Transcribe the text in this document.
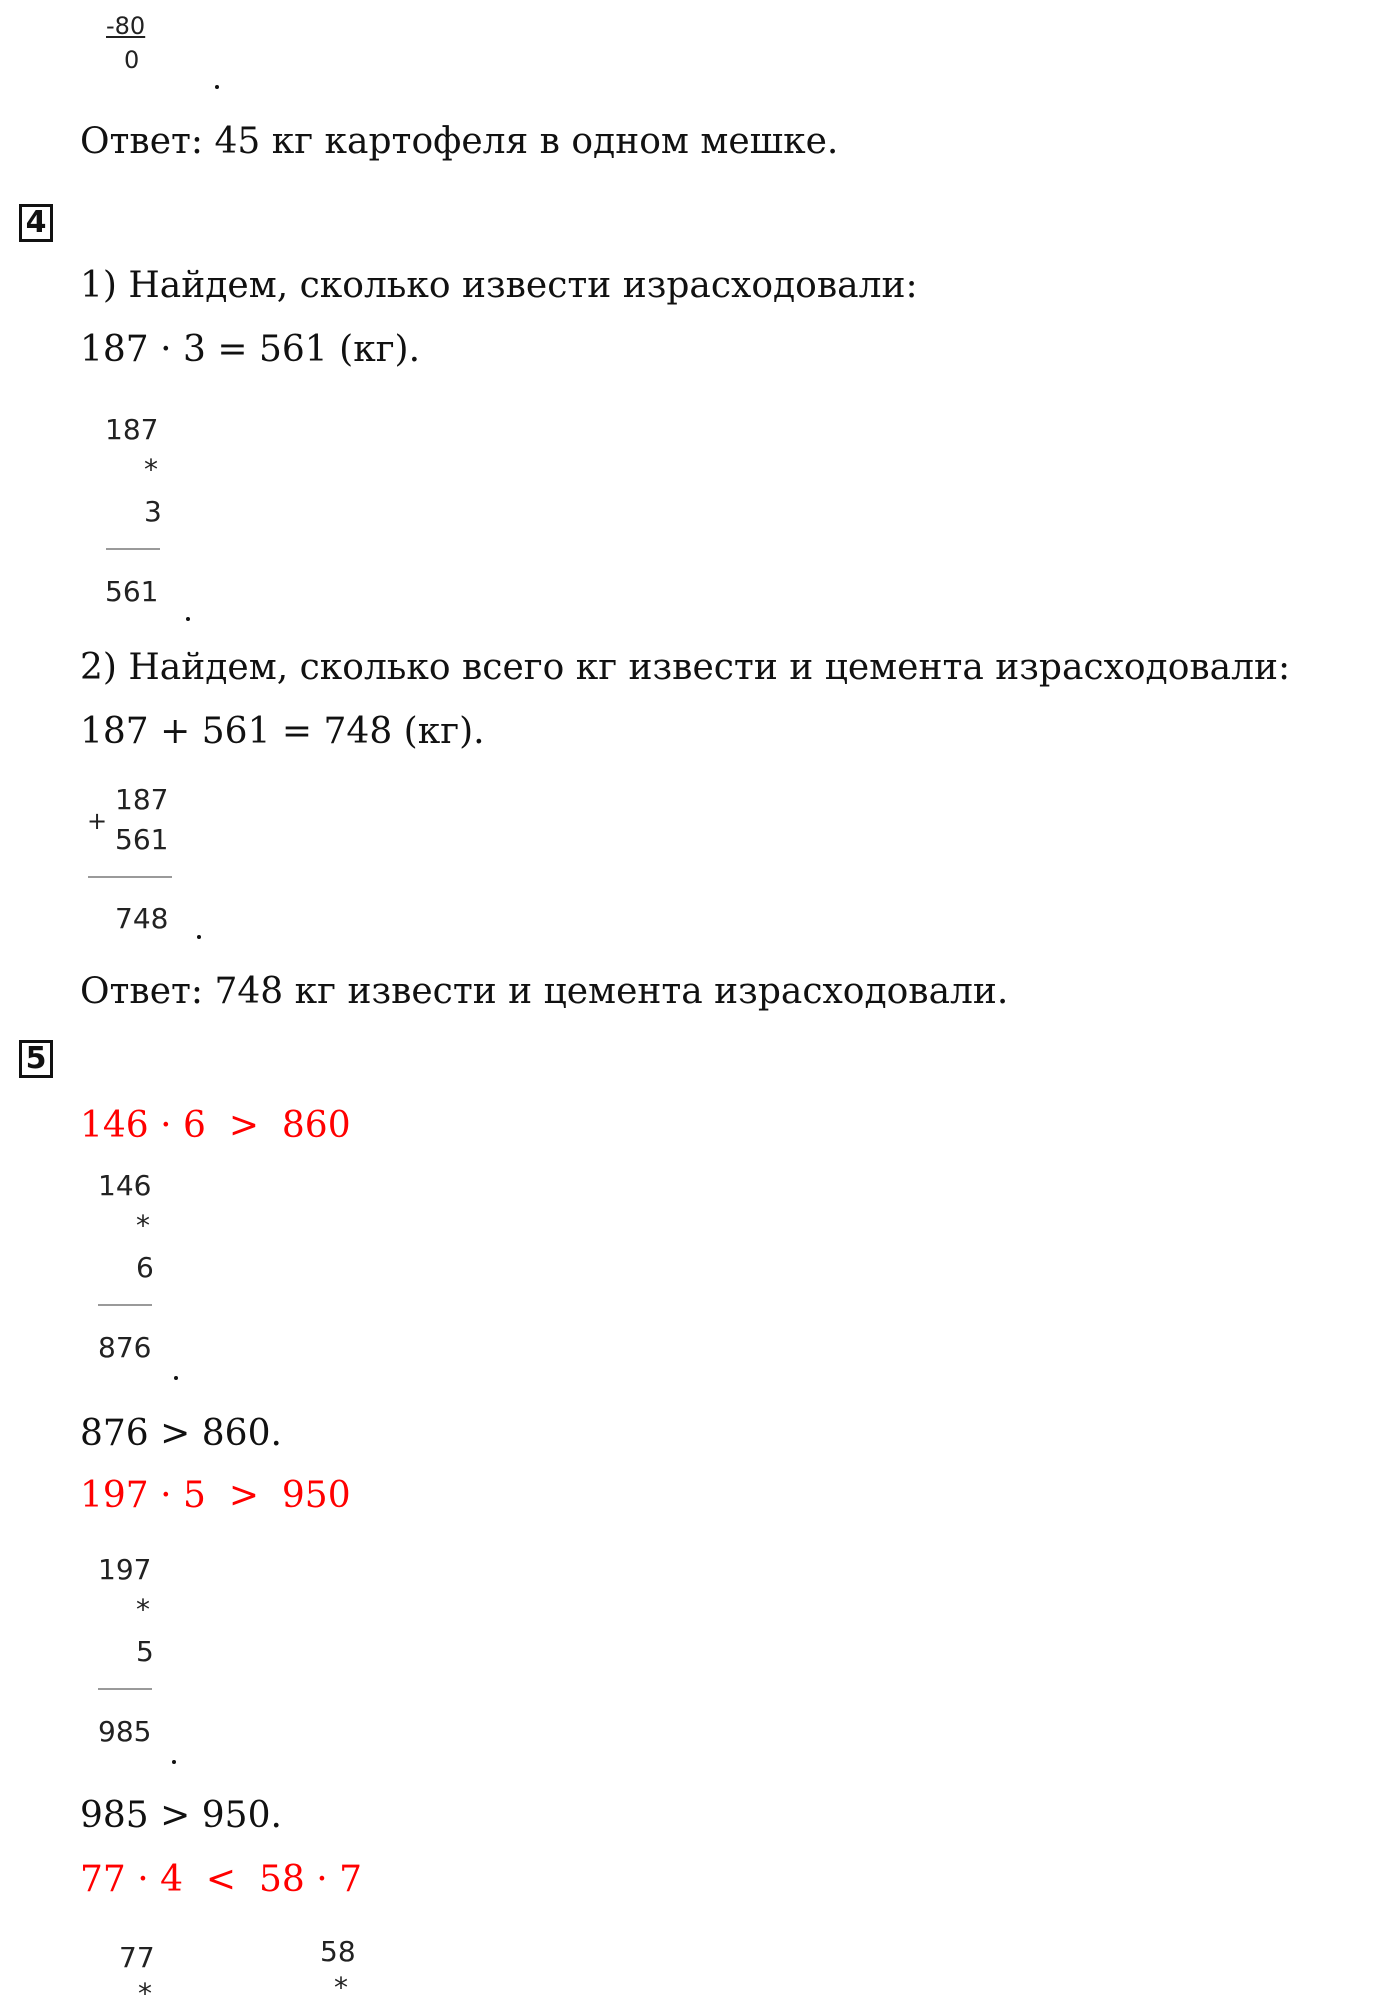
-80
0
Ответ: 45 кг картофеля в одном мешке.
4
1) Найдем, сколько извести израсходовали:
187 · 3 = 561 (кг).
187
*
3
561
2) Найдем, сколько всего кг извести и цемента израсходовали:
187 + 561 = 748 (кг).
+
187
561
748
Ответ: 748 кг извести и цемента израсходовали.
5
146 · 6  >  860
146
*
6
876
876 > 860.
197 · 5  >  950
197
*
5
985
985 > 950.
77 · 4  <  58 · 7
77
*
58
*
